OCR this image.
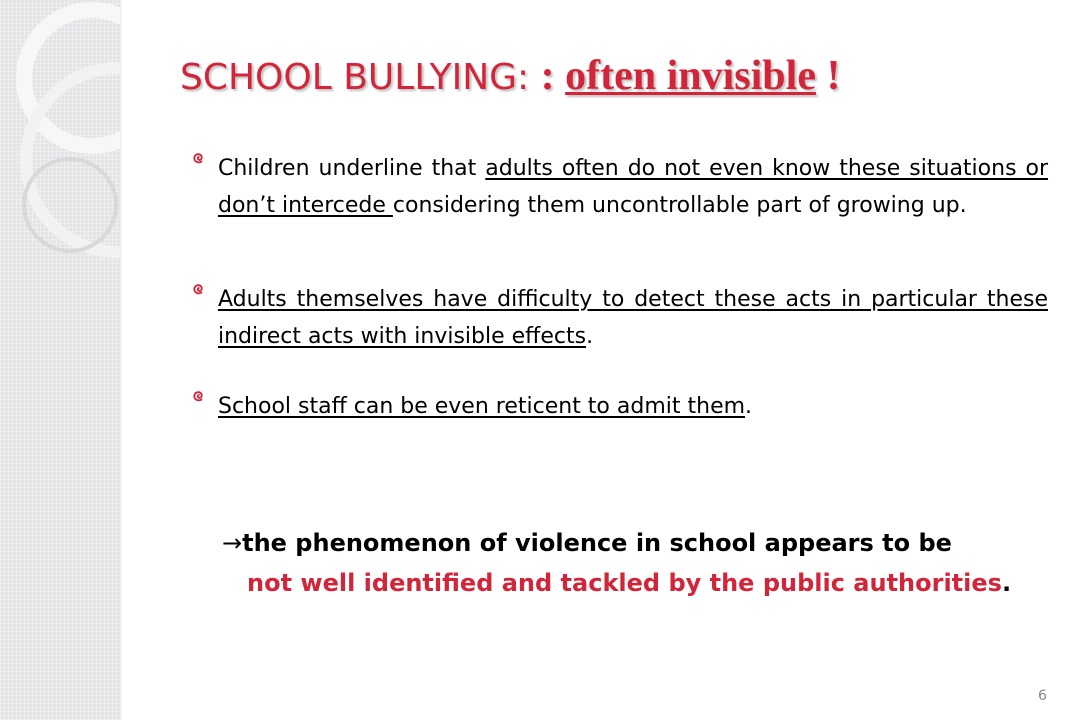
SCHOOL BULLYING: : often invisible !
Children underline that adults often do not even know these situations or don’t intercede considering them uncontrollable part of growing up.
Adults themselves have difficulty to detect these acts in particular these indirect acts with invisible effects.
School staff can be even reticent to admit them.
→the phenomenon of violence in school appears to be
not well identified and tackled by the public authorities.
6
